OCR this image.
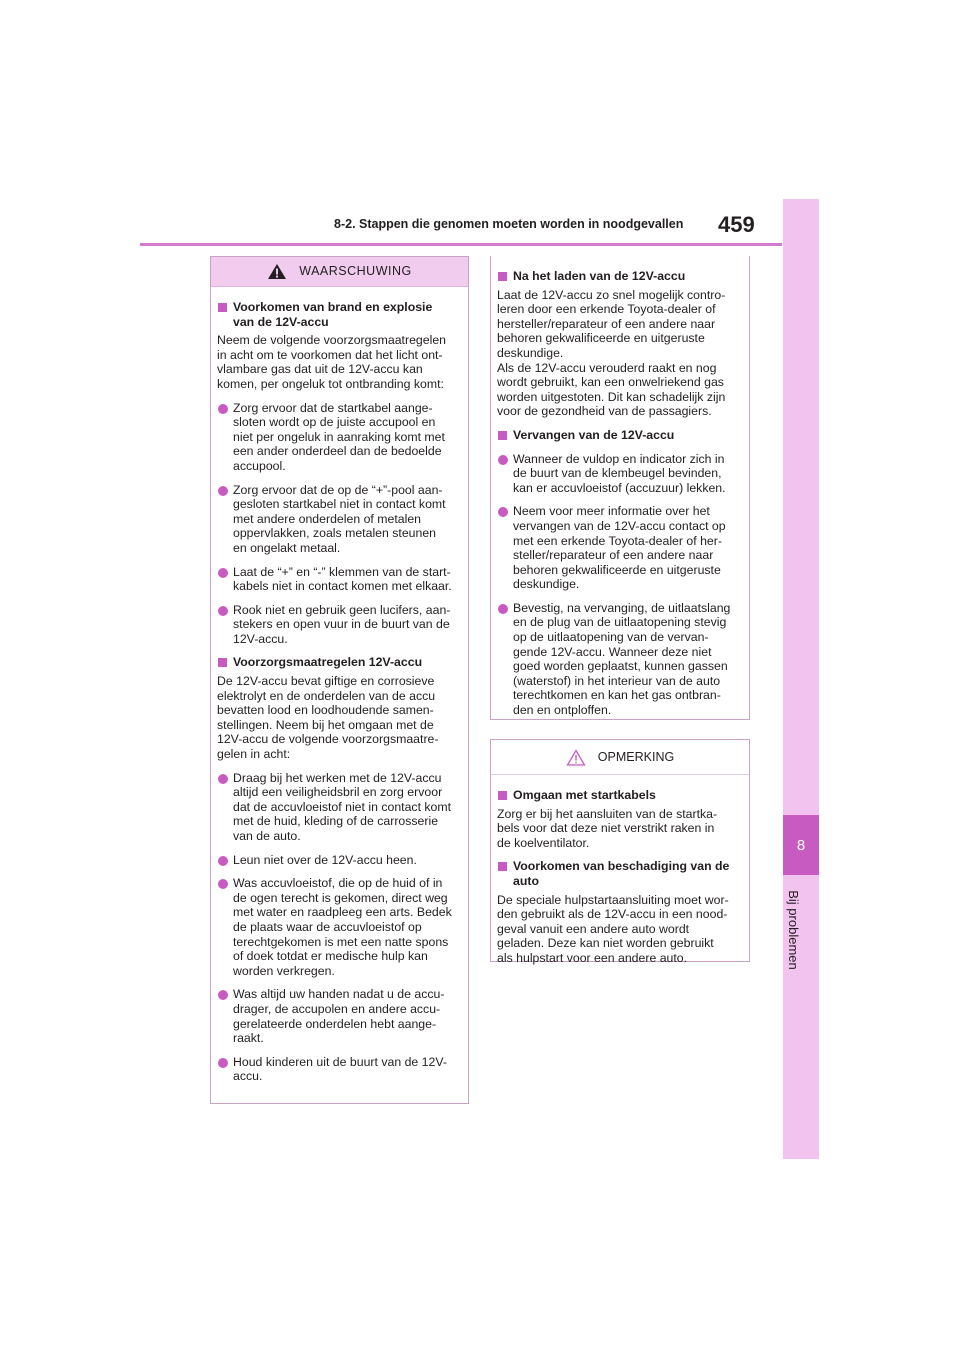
8
Bij problemen
8-2. Stappen die genomen moeten worden in noodgevallen 459
WAARSCHUWING
Voorkomen van brand en explosie
van de 12V-accu
Neem de volgende voorzorgsmaatregelen
in acht om te voorkomen dat het licht ont-
vlambare gas dat uit de 12V-accu kan
komen, per ongeluk tot ontbranding komt:
Zorg ervoor dat de startkabel aange-
sloten wordt op de juiste accupool en
niet per ongeluk in aanraking komt met
een ander onderdeel dan de bedoelde
accupool.
Zorg ervoor dat de op de “+”-pool aan-
gesloten startkabel niet in contact komt
met andere onderdelen of metalen
oppervlakken, zoals metalen steunen
en ongelakt metaal.
Laat de “+” en “-” klemmen van de start-
kabels niet in contact komen met elkaar.
Rook niet en gebruik geen lucifers, aan-
stekers en open vuur in de buurt van de
12V-accu.
Voorzorgsmaatregelen 12V-accu
De 12V-accu bevat giftige en corrosieve
elektrolyt en de onderdelen van de accu
bevatten lood en loodhoudende samen-
stellingen. Neem bij het omgaan met de
12V-accu de volgende voorzorgsmaatre-
gelen in acht:
Draag bij het werken met de 12V-accu
altijd een veiligheidsbril en zorg ervoor
dat de accuvloeistof niet in contact komt
met de huid, kleding of de carrosserie
van de auto.
Leun niet over de 12V-accu heen.
Was accuvloeistof, die op de huid of in
de ogen terecht is gekomen, direct weg
met water en raadpleeg een arts. Bedek
de plaats waar de accuvloeistof op
terechtgekomen is met een natte spons
of doek totdat er medische hulp kan
worden verkregen.
Was altijd uw handen nadat u de accu-
drager, de accupolen en andere accu-
gerelateerde onderdelen hebt aange-
raakt.
Houd kinderen uit de buurt van de 12V-
accu.
Na het laden van de 12V-accu
Laat de 12V-accu zo snel mogelijk contro-
leren door een erkende Toyota-dealer of
hersteller/reparateur of een andere naar
behoren gekwalificeerde en uitgeruste
deskundige.
Als de 12V-accu verouderd raakt en nog
wordt gebruikt, kan een onwelriekend gas
worden uitgestoten. Dit kan schadelijk zijn
voor de gezondheid van de passagiers.
Vervangen van de 12V-accu
Wanneer de vuldop en indicator zich in
de buurt van de klembeugel bevinden,
kan er accuvloeistof (accuzuur) lekken.
Neem voor meer informatie over het
vervangen van de 12V-accu contact op
met een erkende Toyota-dealer of her-
steller/reparateur of een andere naar
behoren gekwalificeerde en uitgeruste
deskundige.
Bevestig, na vervanging, de uitlaatslang
en de plug van de uitlaatopening stevig
op de uitlaatopening van de vervan-
gende 12V-accu. Wanneer deze niet
goed worden geplaatst, kunnen gassen
(waterstof) in het interieur van de auto
terechtkomen en kan het gas ontbran-
den en ontploffen.
OPMERKING
Omgaan met startkabels
Zorg er bij het aansluiten van de startka-
bels voor dat deze niet verstrikt raken in
de koelventilator.
Voorkomen van beschadiging van de
auto
De speciale hulpstartaansluiting moet wor-
den gebruikt als de 12V-accu in een nood-
geval vanuit een andere auto wordt
geladen. Deze kan niet worden gebruikt
als hulpstart voor een andere auto.
